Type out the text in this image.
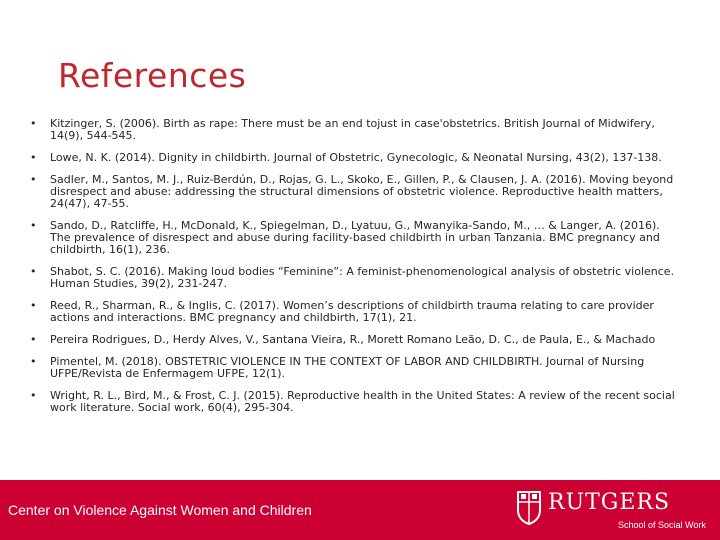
References
• Kitzinger, S. (2006). Birth as rape: There must be an end tojust in case'obstetrics. British Journal of Midwifery, 14(9), 544-545.
• Lowe, N. K. (2014). Dignity in childbirth. Journal of Obstetric, Gynecologic, & Neonatal Nursing, 43(2), 137-138.
• Sadler, M., Santos, M. J., Ruiz-Berdún, D., Rojas, G. L., Skoko, E., Gillen, P., & Clausen, J. A. (2016). Moving beyond disrespect and abuse: addressing the structural dimensions of obstetric violence. Reproductive health matters, 24(47), 47-55.
• Sando, D., Ratcliffe, H., McDonald, K., Spiegelman, D., Lyatuu, G., Mwanyika-Sando, M., … & Langer, A. (2016). The prevalence of disrespect and abuse during facility-based childbirth in urban Tanzania. BMC pregnancy and childbirth, 16(1), 236.
• Shabot, S. C. (2016). Making loud bodies “Feminine”: A feminist-phenomenological analysis of obstetric violence. Human Studies, 39(2), 231-247.
• Reed, R., Sharman, R., & Inglis, C. (2017). Women’s descriptions of childbirth trauma relating to care provider actions and interactions. BMC pregnancy and childbirth, 17(1), 21.
• Pereira Rodrigues, D., Herdy Alves, V., Santana Vieira, R., Morett Romano Leão, D. C., de Paula, E., & Machado
• Pimentel, M. (2018). OBSTETRIC VIOLENCE IN THE CONTEXT OF LABOR AND CHILDBIRTH. Journal of Nursing UFPE/Revista de Enfermagem UFPE, 12(1).
• Wright, R. L., Bird, M., & Frost, C. J. (2015). Reproductive health in the United States: A review of the recent social work literature. Social work, 60(4), 295-304.
Center on Violence Against Women and Children	RUTGERS
School of Social Work
